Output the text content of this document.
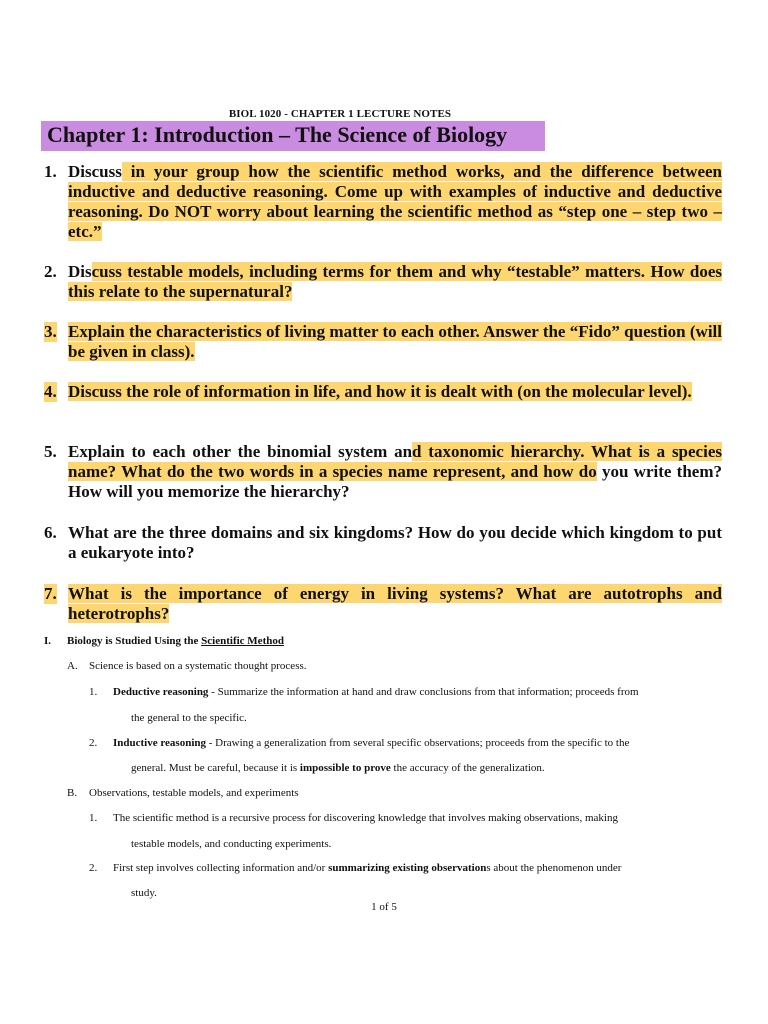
BIOL 1020 - CHAPTER 1 LECTURE NOTES
Chapter 1: Introduction – The Science of Biology
1. Discuss in your group how the scientific method works, and the difference between inductive and deductive reasoning. Come up with examples of inductive and deductive reasoning. Do NOT worry about learning the scientific method as “step one – step two – etc.”
2. Discuss testable models, including terms for them and why “testable” matters. How does this relate to the supernatural?
3. Explain the characteristics of living matter to each other. Answer the “Fido” question (will be given in class).
4. Discuss the role of information in life, and how it is dealt with (on the molecular level).
5. Explain to each other the binomial system and taxonomic hierarchy. What is a species name? What do the two words in a species name represent, and how do you write them? How will you memorize the hierarchy?
6. What are the three domains and six kingdoms? How do you decide which kingdom to put a eukaryote into?
7. What is the importance of energy in living systems? What are autotrophs and heterotrophs?
I. Biology is Studied Using the Scientific Method
A. Science is based on a systematic thought process.
1. Deductive reasoning - Summarize the information at hand and draw conclusions from that information; proceeds from
the general to the specific.
2. Inductive reasoning - Drawing a generalization from several specific observations; proceeds from the specific to the
general. Must be careful, because it is impossible to prove the accuracy of the generalization.
B. Observations, testable models, and experiments
1. The scientific method is a recursive process for discovering knowledge that involves making observations, making
testable models, and conducting experiments.
2. First step involves collecting information and/or summarizing existing observations about the phenomenon under
study.
1 of 5
